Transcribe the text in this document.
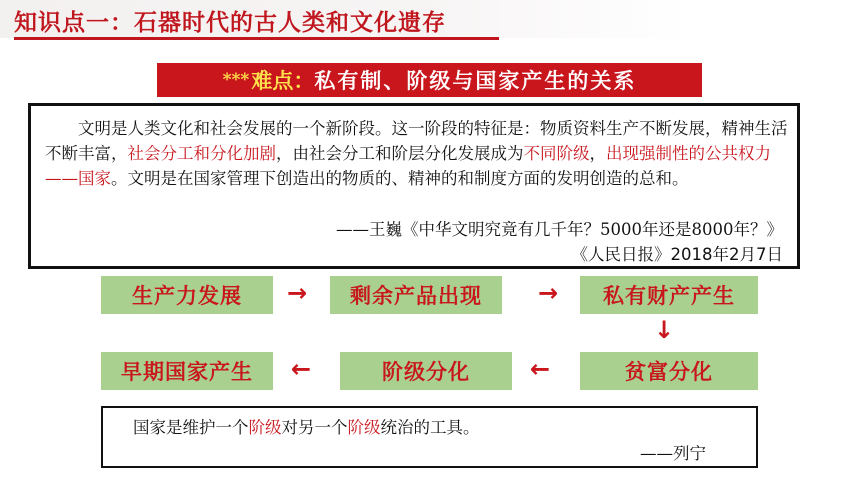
知识点一：石器时代的古人类和文化遗存
*** 难点： 私有制、阶级与国家产生的关系
文明是人类文化和社会发展的一个新阶段。这一阶段的特征是：物质资料生产不断发展，精神生活不断丰富，社会分工和分化加剧，由社会分工和阶层分化发展成为不同阶级，出现强制性的公共权力——国家。文明是在国家管理下创造出的物质的、精神的和制度方面的发明创造的总和。
——王巍《中华文明究竟有几千年？5000年还是8000年？》
《人民日报》2018年2月7日
生产力发展	→	剩余产品出现	→	私有财产产生
↓
早期国家产生	←	阶级分化	←	贫富分化
国家是维护一个阶级对另一个阶级统治的工具。
——列宁
